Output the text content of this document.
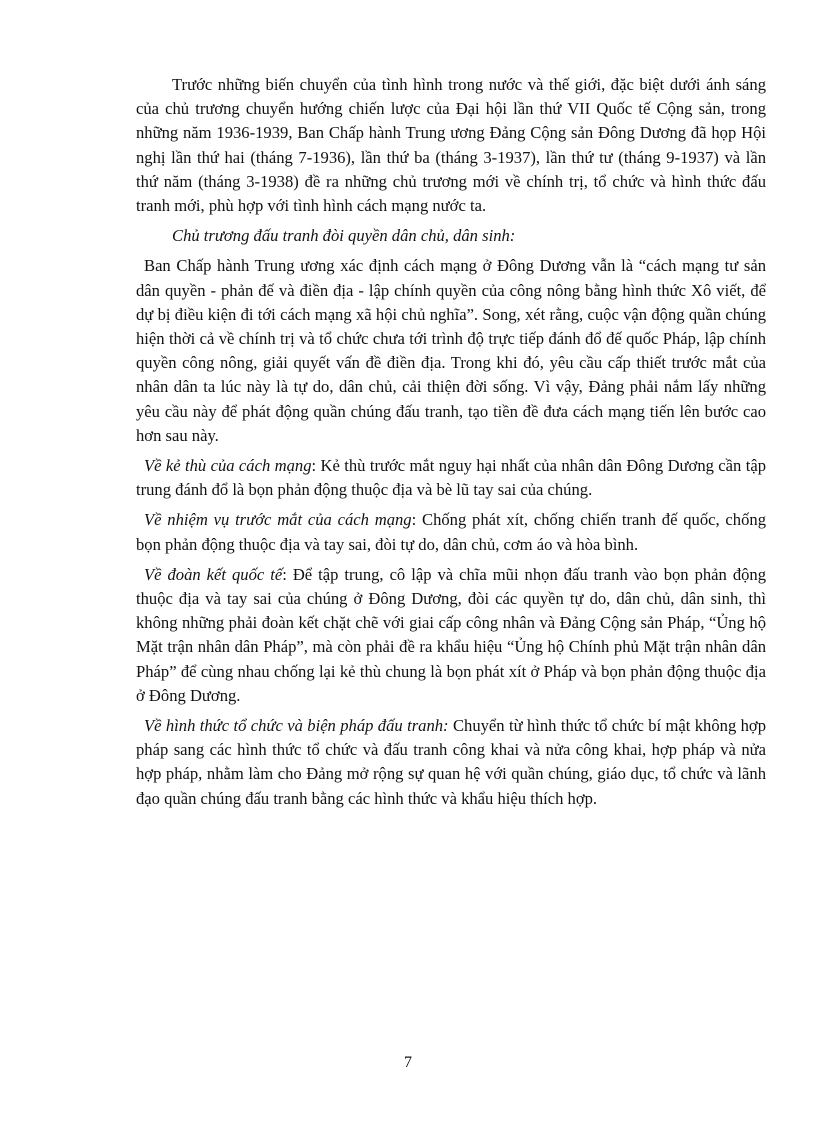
Trước những biến chuyển của tình hình trong nước và thế giới, đặc biệt dưới ánh sáng của chủ trương chuyển hướng chiến lược của Đại hội lần thứ VII Quốc tế Cộng sản, trong những năm 1936-1939, Ban Chấp hành Trung ương Đảng Cộng sản Đông Dương đã họp Hội nghị lần thứ hai (tháng 7-1936), lần thứ ba (tháng 3-1937), lần thứ tư (tháng 9-1937) và lần thứ năm (tháng 3-1938) đề ra những chủ trương mới về chính trị, tổ chức và hình thức đấu tranh mới, phù hợp với tình hình cách mạng nước ta.

Chủ trương đấu tranh đòi quyền dân chủ, dân sinh:

Ban Chấp hành Trung ương xác định cách mạng ở Đông Dương vẫn là “cách mạng tư sản dân quyền - phản đế và điền địa - lập chính quyền của công nông bằng hình thức Xô viết, để dự bị điều kiện đi tới cách mạng xã hội chủ nghĩa”. Song, xét rằng, cuộc vận động quần chúng hiện thời cả về chính trị và tổ chức chưa tới trình độ trực tiếp đánh đổ đế quốc Pháp, lập chính quyền công nông, giải quyết vấn đề điền địa. Trong khi đó, yêu cầu cấp thiết trước mắt của nhân dân ta lúc này là tự do, dân chủ, cải thiện đời sống. Vì vậy, Đảng phải nắm lấy những yêu cầu này để phát động quần chúng đấu tranh, tạo tiền đề đưa cách mạng tiến lên bước cao hơn sau này.

Về kẻ thù của cách mạng: Kẻ thù trước mắt nguy hại nhất của nhân dân Đông Dương cần tập trung đánh đổ là bọn phản động thuộc địa và bè lũ tay sai của chúng.

Về nhiệm vụ trước mắt của cách mạng: Chống phát xít, chống chiến tranh đế quốc, chống bọn phản động thuộc địa và tay sai, đòi tự do, dân chủ, cơm áo và hòa bình.

Về đoàn kết quốc tế: Để tập trung, cô lập và chĩa mũi nhọn đấu tranh vào bọn phản động thuộc địa và tay sai của chúng ở Đông Dương, đòi các quyền tự do, dân chủ, dân sinh, thì không những phải đoàn kết chặt chẽ với giai cấp công nhân và Đảng Cộng sản Pháp, “Ủng hộ Mặt trận nhân dân Pháp”, mà còn phải đề ra khẩu hiệu “Ủng hộ Chính phủ Mặt trận nhân dân Pháp” để cùng nhau chống lại kẻ thù chung là bọn phát xít ở Pháp và bọn phản động thuộc địa ở Đông Dương.

Về hình thức tổ chức và biện pháp đấu tranh: Chuyển từ hình thức tổ chức bí mật không hợp pháp sang các hình thức tổ chức và đấu tranh công khai và nửa công khai, hợp pháp và nửa hợp pháp, nhằm làm cho Đảng mở rộng sự quan hệ với quần chúng, giáo dục, tổ chức và lãnh đạo quần chúng đấu tranh bằng các hình thức và khẩu hiệu thích hợp.

7
